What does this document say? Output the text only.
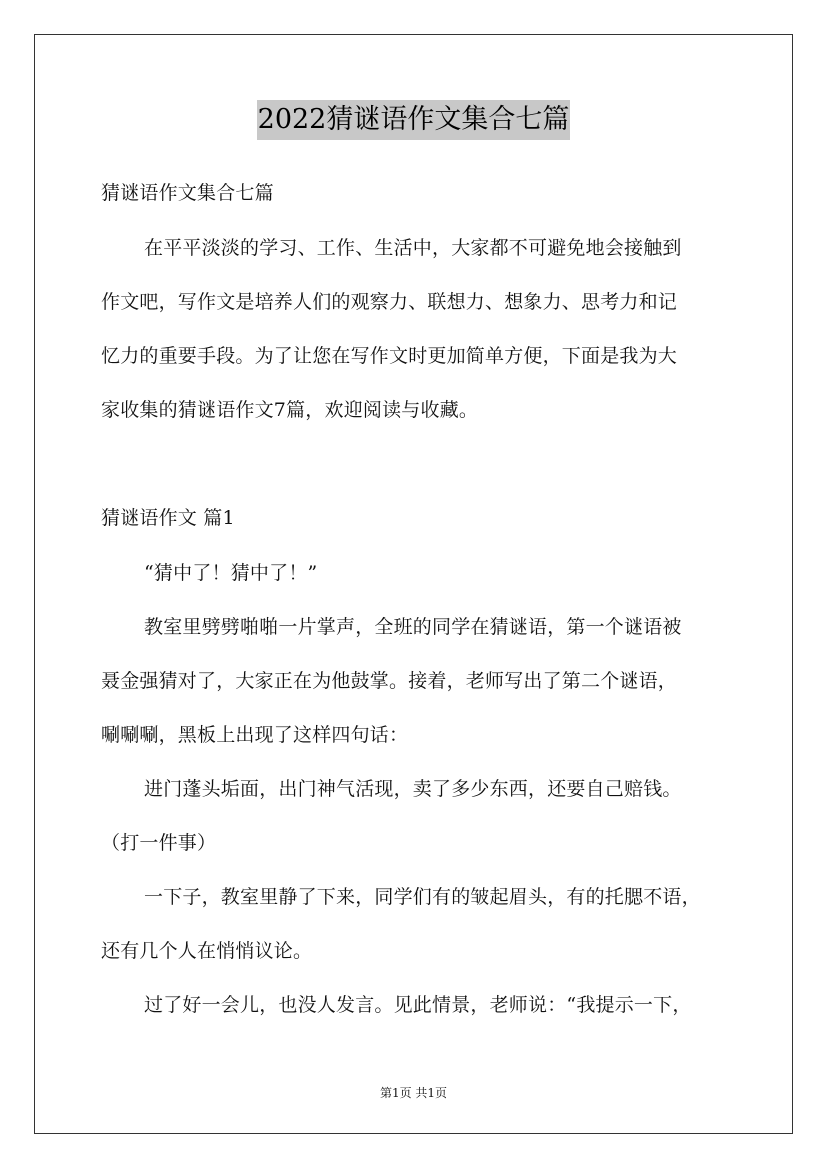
2022猜谜语作文集合七篇
猜谜语作文集合七篇
在平平淡淡的学习、工作、生活中，大家都不可避免地会接触到
作文吧，写作文是培养人们的观察力、联想力、想象力、思考力和记
忆力的重要手段。为了让您在写作文时更加简单方便，下面是我为大
家收集的猜谜语作文7篇，欢迎阅读与收藏。
猜谜语作文 篇1
“猜中了！猜中了！”
教室里劈劈啪啪一片掌声，全班的同学在猜谜语，第一个谜语被
聂金强猜对了，大家正在为他鼓掌。接着，老师写出了第二个谜语，
唰唰唰，黑板上出现了这样四句话：
进门蓬头垢面，出门神气活现，卖了多少东西，还要自己赔钱。
（打一件事）
一下子，教室里静了下来，同学们有的皱起眉头，有的托腮不语，
还有几个人在悄悄议论。
过了好一会儿，也没人发言。见此情景，老师说：“我提示一下，
第1页 共1页
